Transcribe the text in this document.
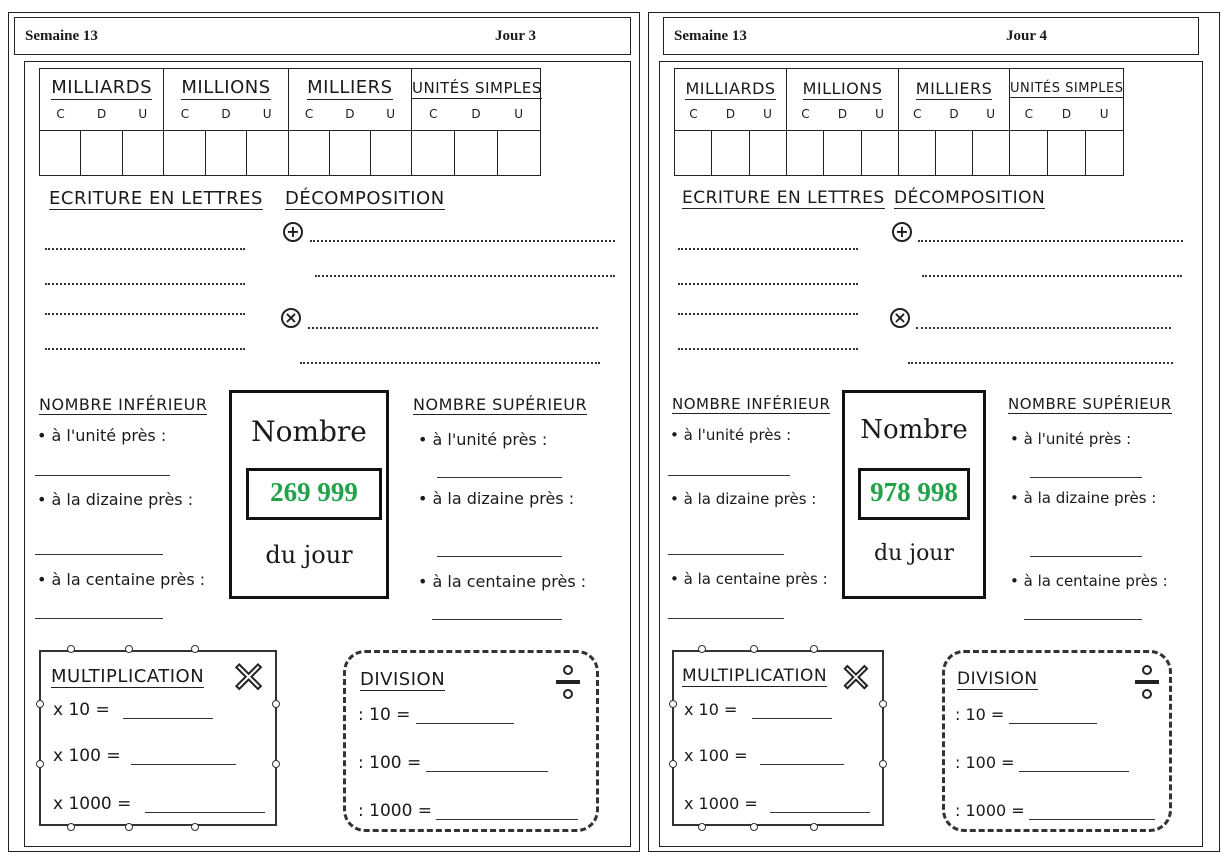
Semaine 13	Jour 3
MILLIARDS
C	D	U
MILLIONS
C	D	U
MILLIERS
C	D	U
UNITÉS SIMPLES
C	D	U
ECRITURE EN LETTRES DÉCOMPOSITION
+
×
NOMBRE INFÉRIEUR
• à l'unité près :
• à la dizaine près :
• à la centaine près :
Nombre
269 999
du jour
NOMBRE SUPÉRIEUR
• à l'unité près :
• à la dizaine près :
• à la centaine près :
MULTIPLICATION ✕
x 10 =
x 100 =
x 1000 =
DIVISION
: 10 =
: 100 =
: 1000 =
Semaine 13	Jour 4
MILLIARDS
C	D	U
MILLIONS
C	D	U
MILLIERS
C	D	U
UNITÉS SIMPLES
C	D	U
ECRITURE EN LETTRES DÉCOMPOSITION
+
×
NOMBRE INFÉRIEUR
• à l'unité près :
• à la dizaine près :
• à la centaine près :
Nombre
978 998
du jour
NOMBRE SUPÉRIEUR
• à l'unité près :
• à la dizaine près :
• à la centaine près :
MULTIPLICATION ✕
x 10 =
x 100 =
x 1000 =
DIVISION
: 10 =
: 100 =
: 1000 =
